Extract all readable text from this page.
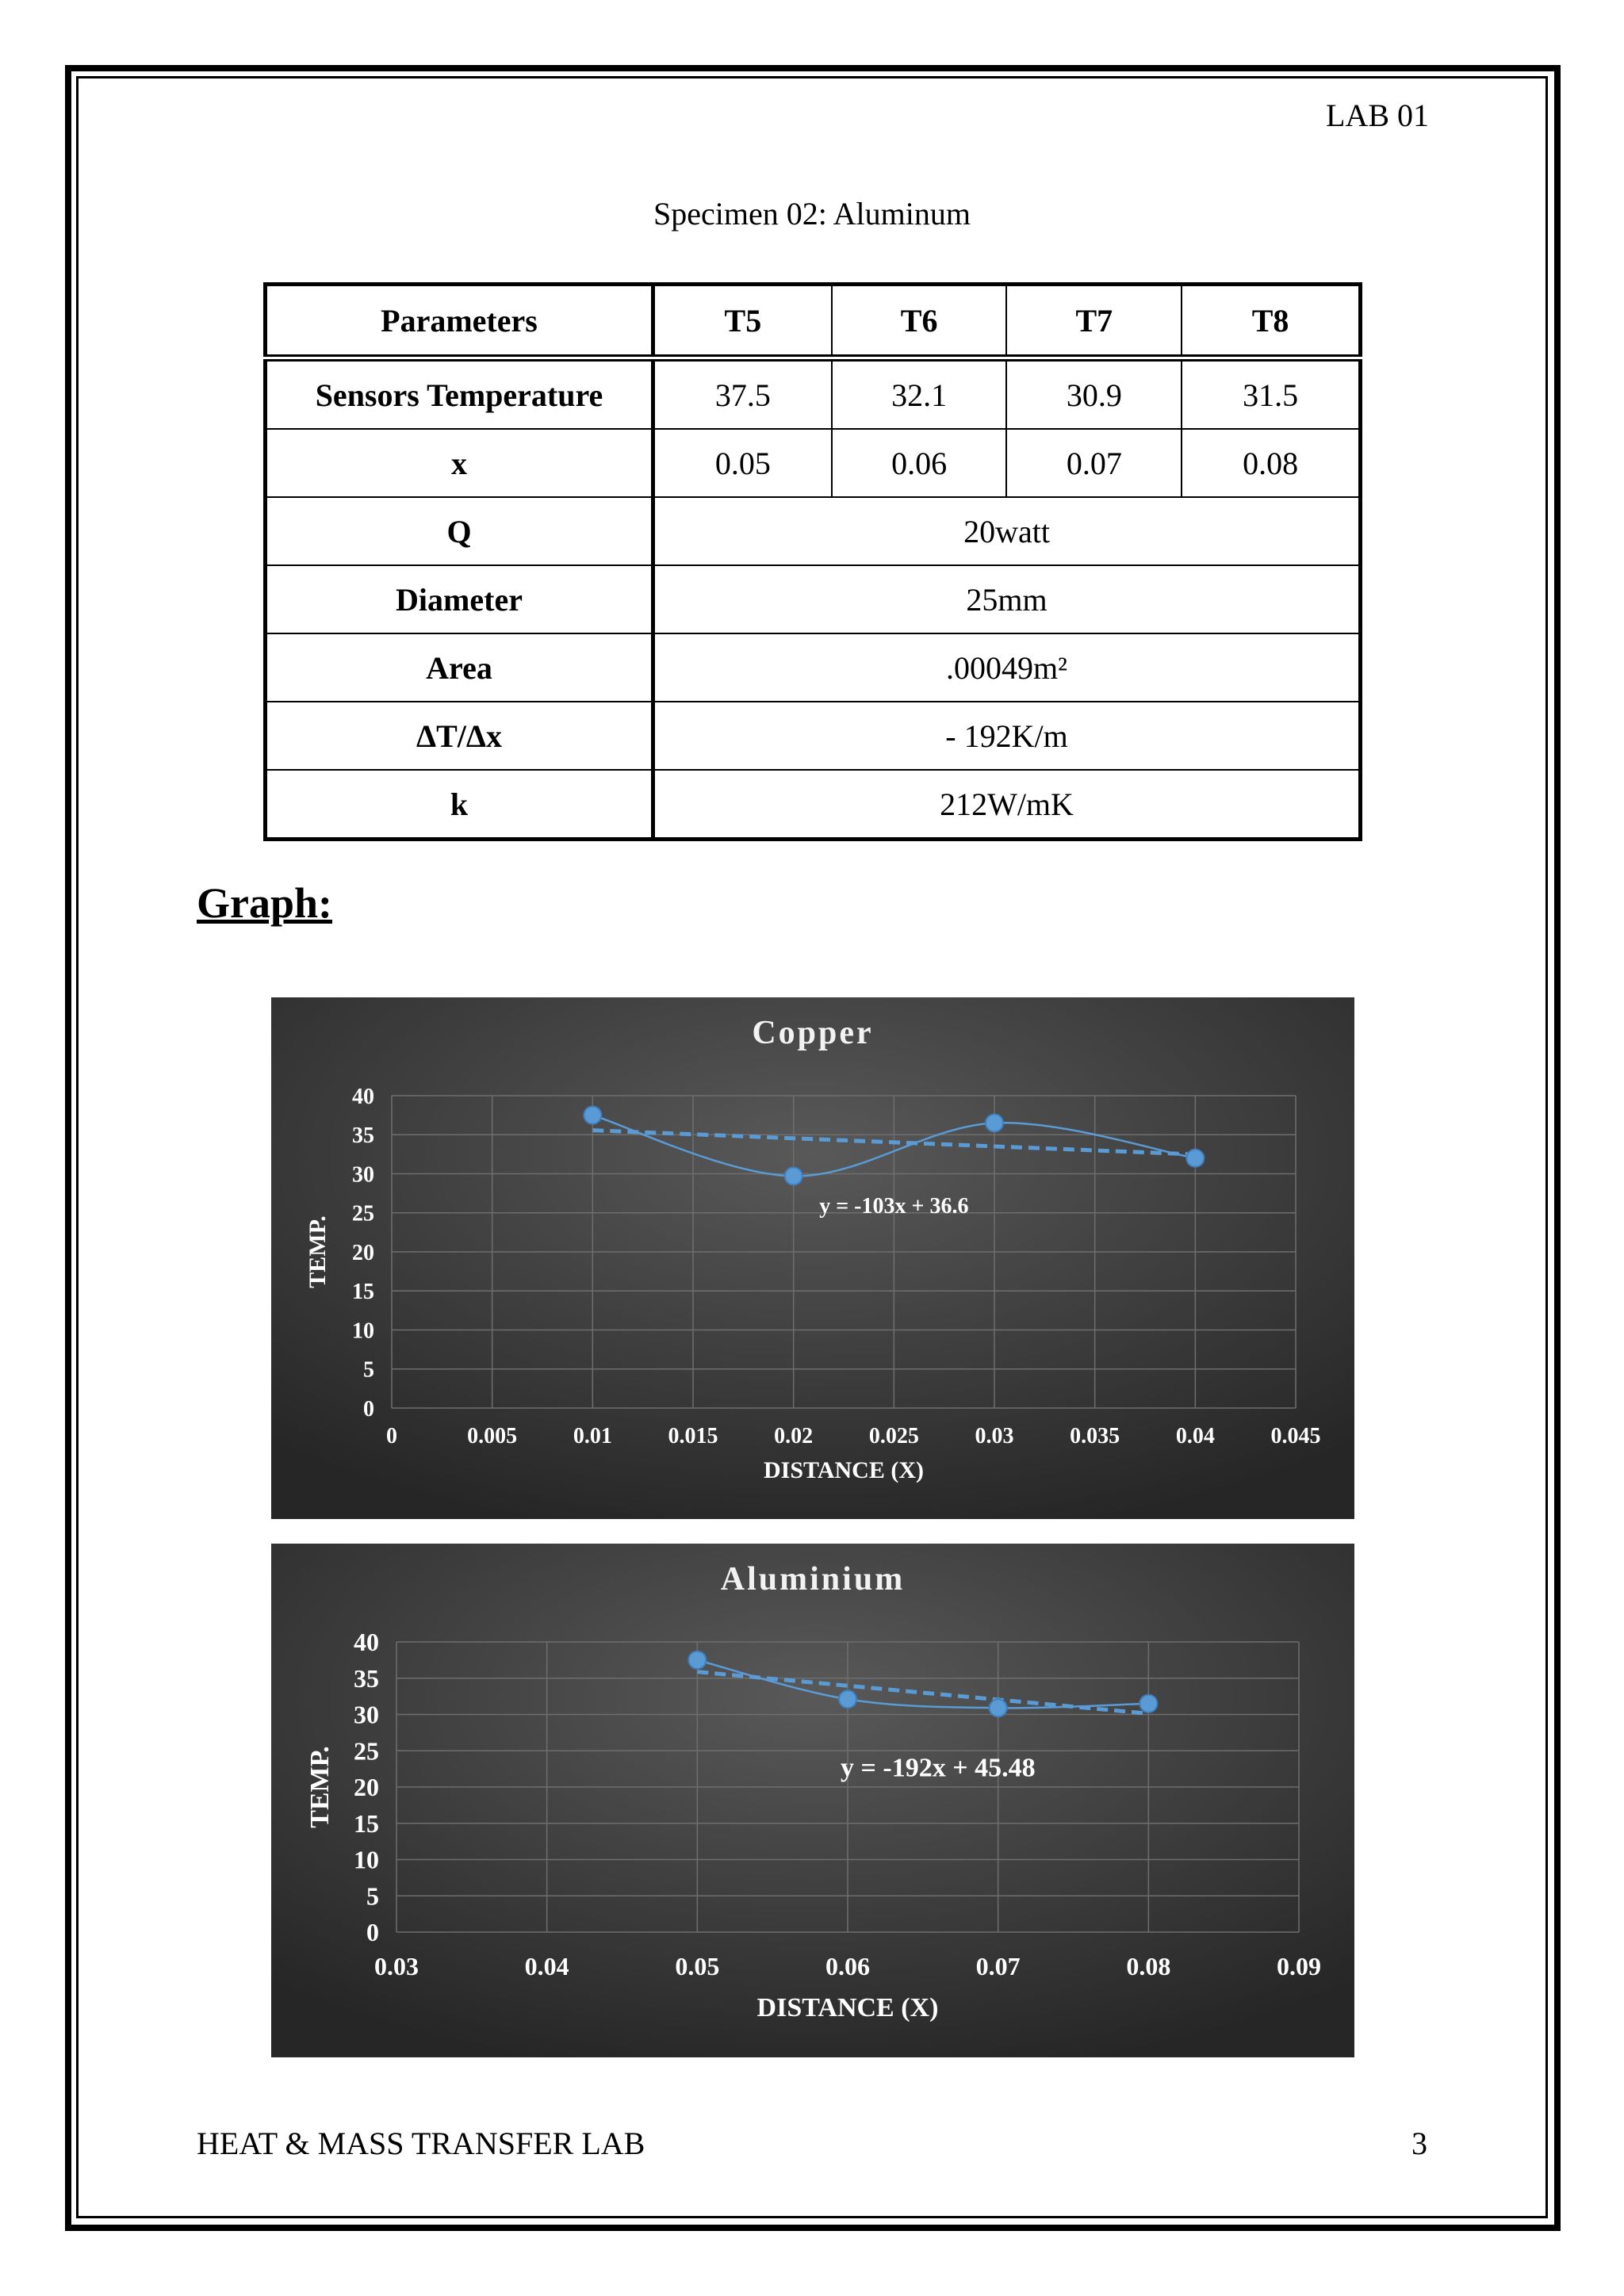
LAB 01
Specimen 02: Aluminum
Parameters	T5	T6	T7	T8
Sensors Temperature	37.5	32.1	30.9	31.5
x	0.05	0.06	0.07	0.08
Q	20watt			
Diameter	25mm			
Area	.00049m²			
ΔT/Δx	- 192K/m			
k	212W/mK			
Graph:
0	0.005	0.01	0.015	0.02	0.025	0.03	0.035	0.04	0.045
0
5
10
15
20
25
30
35
40
Copper
DISTANCE (X)
TEMP.
y = -103x + 36.6
0.03	0.04	0.05	0.06	0.07	0.08	0.09
0
5
10
15
20
25
30
35
40
Aluminium
DISTANCE (X)
TEMP.	y = -192x + 45.48
HEAT & MASS TRANSFER LAB	3
